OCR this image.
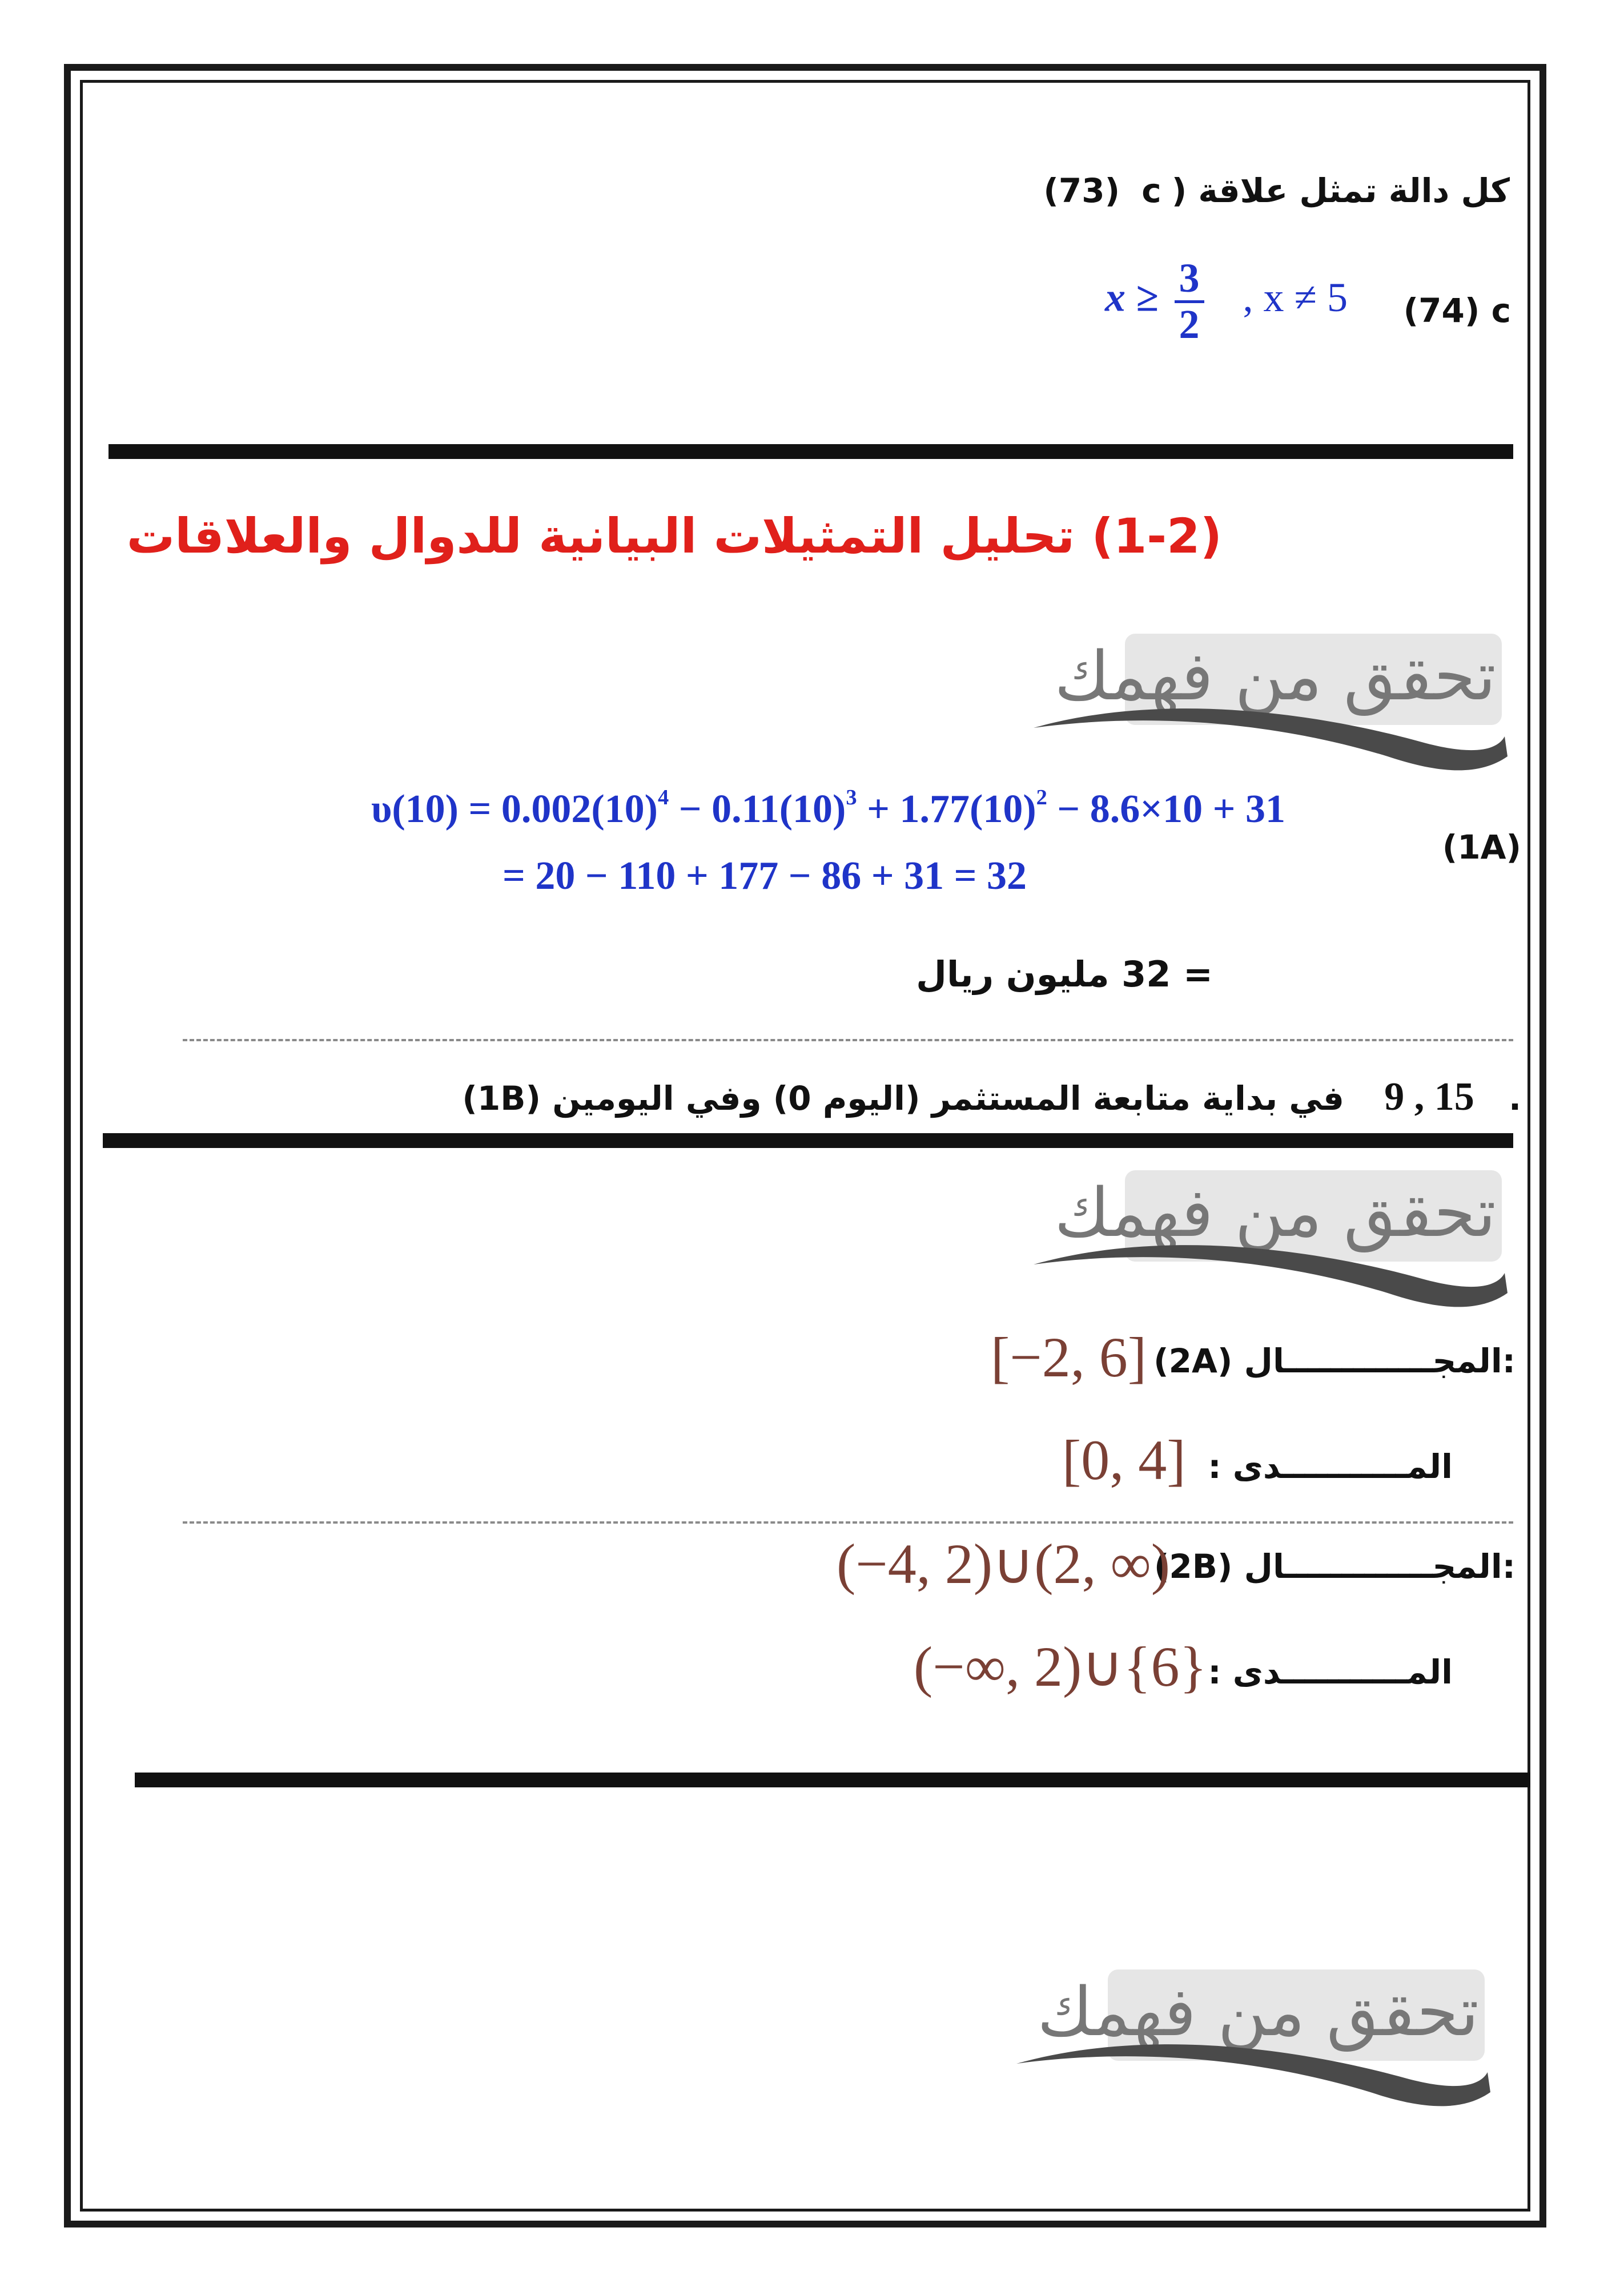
(73) c ) كل دالة تمثل علاقة
(74) c
$x \ge \frac{3}{2}$ , x ≠ 5
(1-2) تحليل التمثيلات البيانية للدوال والعلاقات
تحقق من فهمك
(1A)
$\upsilon(10) = 0.002(10)^4 - 0.11(10)^3 + 1.77(10)^2 - 8.6\times 10 + 31$
= 20 − 110 + 177 − 86 + 31 = 32
= 32 مليون ريال
(1B) في بداية متابعة المستثمر (اليوم 0) وفي اليومين 9 , 15 .
تحقق من فهمك
(2A) المجـــــــــــــال:
[−2, 6]
المـــــــــــدى :
[0, 4]
(2B) المجـــــــــــــال:
(−4, 2)∪(2, ∞)
المـــــــــــدى :
(−∞, 2)∪{6}
تحقق من فهمك
